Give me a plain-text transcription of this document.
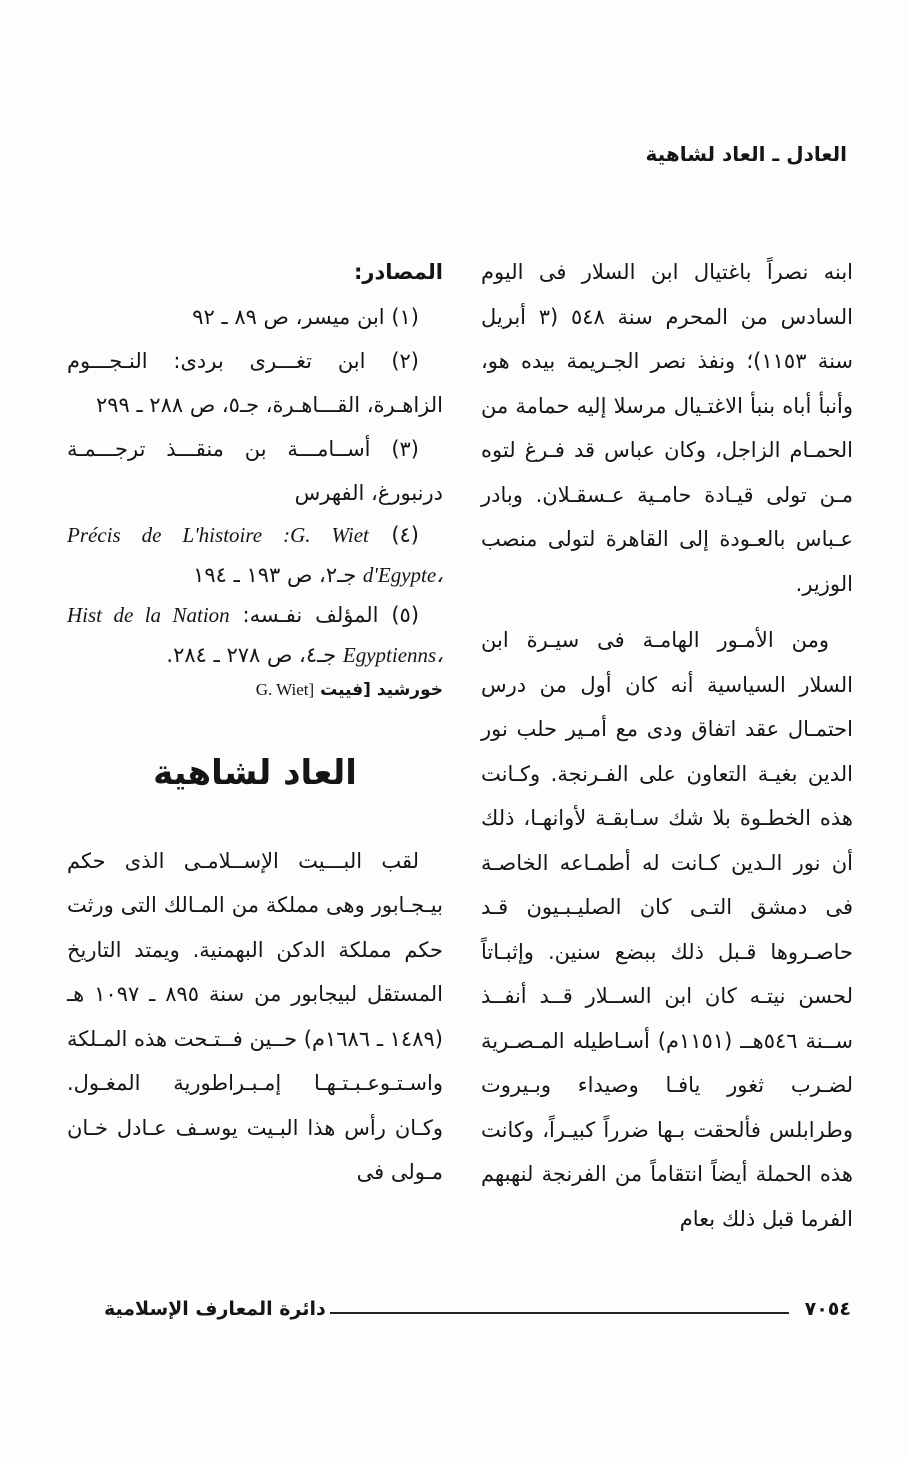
العادل ـ العاد لشاهية

ابنه نصراً باغتيال ابن السلار فى اليوم السادس من المحرم سنة ٥٤٨ (٣ أبريل سنة ١١٥٣)؛ ونفذ نصر الجـريمة بيده هو، وأنبأ أباه بنبأ الاغتـيال مرسلا إليه حمامة من الحمـام الزاجل، وكان عباس قد فـرغ لتوه مـن تولى قيـادة حامـية عـسقـلان. وبادر عـباس بالعـودة إلى القاهرة لتولى منصب الوزير.

ومن الأمـور الهامـة فى سيـرة ابن السلار السياسية أنه كان أول من درس احتمـال عقد اتفاق ودى مع أمـير حلب نور الدين بغيـة التعاون على الفـرنجة. وكـانت هذه الخطـوة بلا شك سـابقـة لأوانهـا، ذلك أن نور الـدين كـانت له أطمـاعه الخاصـة فى دمشق التـى كان الصليـبـيون قـد حاصـروها قـبل ذلك ببضع سنين. وإثبـاتاً لحسن نيتـه كان ابن الســلار قــد أنفــذ ســنة ٥٤٦هــ (١١٥١م) أسـاطيله المـصـرية لضـرب ثغور يافـا وصيداء وبـيروت وطرابلس فألحقت بـها ضرراً كبيـراً، وكانت هذه الحملة أيضاً انتقاماً من الفرنجة لنهبهم الفرما قبل ذلك بعام

المصادر:

(١) ابن ميسر، ص ٨٩ ـ ٩٢

(٢) ابن تغـــرى بردى: النـجـــوم الزاهـرة، القـــاهـرة، جـ٥، ص ٢٨٨ ـ ٢٩٩

(٣) أســامـــة بن منقـــذ ترجـــمـة درنبورغ، الفهرس

(٤) Précis de L'histoire :G. Wiet d'Egypte، جـ٢، ص ١٩٣ ـ ١٩٤

(٥) المؤلف نفـسه: Hist de la Nation Egyptienns، جـ٤، ص ٢٧٨ ـ ٢٨٤.

خورشيد [فييت G. Wiet]

العاد لشاهية

لقب البـــيت الإســلامـى الذى حكم بيـجـابور وهى مملكة من المـالك التى ورثت حكم مملكة الدكن البهمنية. ويمتد التاريخ المستقل لبيجابور من سنة ٨٩٥ ـ ١٠٩٧ هـ (١٤٨٩ ـ ١٦٨٦م) حــين فــتـحت هذه المـلكة واسـتـوعـبـتـهـا إمـبـراطورية المغـول. وكـان رأس هذا البـيت يوسـف عـادل خـان مـولى فى

٧٠٥٤
دائرة المعارف الإسلامية
